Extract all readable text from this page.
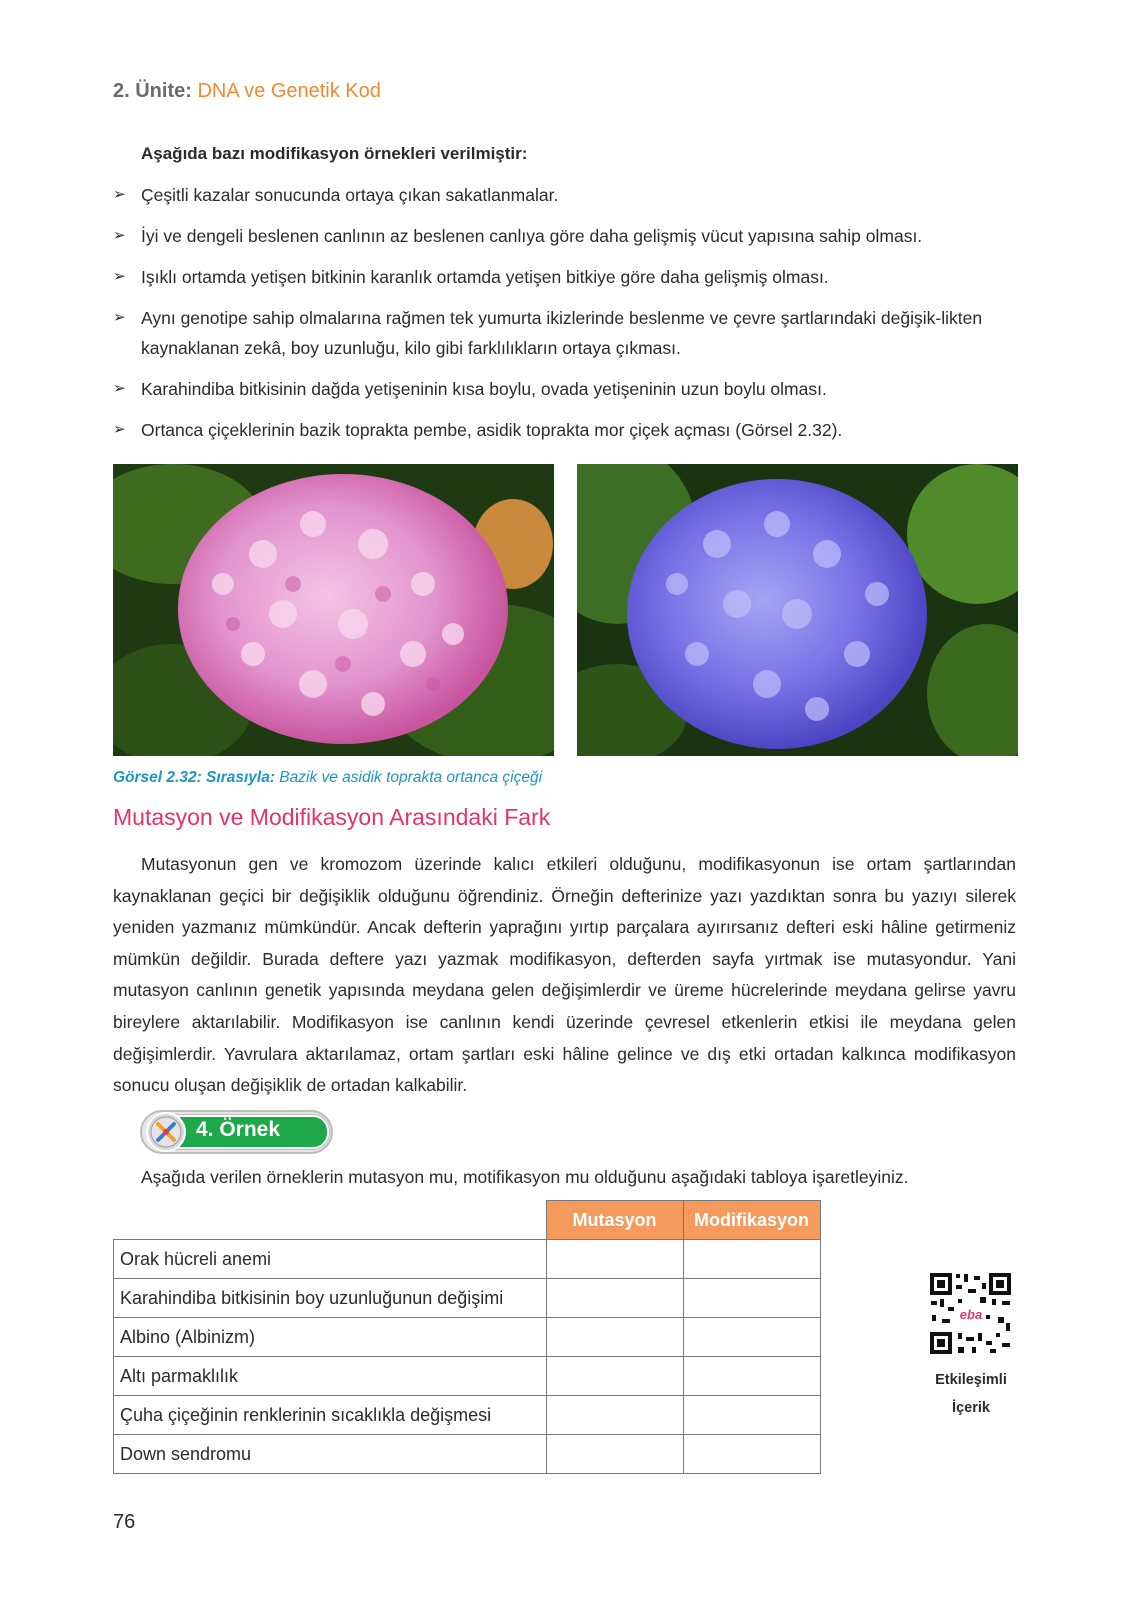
2. Ünite: DNA ve Genetik Kod
Aşağıda bazı modifikasyon örnekleri verilmiştir:
➢ Çeşitli kazalar sonucunda ortaya çıkan sakatlanmalar.
➢ İyi ve dengeli beslenen canlının az beslenen canlıya göre daha gelişmiş vücut yapısına sahip olması.
➢ Işıklı ortamda yetişen bitkinin karanlık ortamda yetişen bitkiye göre daha gelişmiş olması.
➢ Aynı genotipe sahip olmalarına rağmen tek yumurta ikizlerinde beslenme ve çevre şartlarındaki değişik-likten kaynaklanan zekâ, boy uzunluğu, kilo gibi farklılıkların ortaya çıkması.
➢ Karahindiba bitkisinin dağda yetişeninin kısa boylu, ovada yetişeninin uzun boylu olması.
➢ Ortanca çiçeklerinin bazik toprakta pembe, asidik toprakta mor çiçek açması (Görsel 2.32).
Görsel 2.32: Sırasıyla: Bazik ve asidik toprakta ortanca çiçeği
Mutasyon ve Modifikasyon Arasındaki Fark

Mutasyonun gen ve kromozom üzerinde kalıcı etkileri olduğunu, modifikasyonun ise ortam şartlarından kaynaklanan geçici bir değişiklik olduğunu öğrendiniz. Örneğin defterinize yazı yazdıktan sonra bu yazıyı silerek yeniden yazmanız mümkündür. Ancak defterin yaprağını yırtıp parçalara ayırırsanız defteri eski hâline getirmeniz mümkün değildir. Burada deftere yazı yazmak modifikasyon, defterden sayfa yırtmak ise mutasyondur. Yani mutasyon canlının genetik yapısında meydana gelen değişimlerdir ve üreme hücrelerinde meydana gelirse yavru bireylere aktarılabilir. Modifikasyon ise canlının kendi üzerinde çevresel etkenlerin etkisi ile meydana gelen değişimlerdir. Yavrulara aktarılamaz, ortam şartları eski hâline gelince ve dış etki ortadan kalkınca modifikasyon sonucu oluşan değişiklik de ortadan kalkabilir.

4. Örnek
Aşağıda verilen örneklerin mutasyon mu, motifikasyon mu olduğunu aşağıdaki tabloya işaretleyiniz.
	Mutasyon	Modifikasyon
Orak hücreli anemi		
Karahindiba bitkisinin boy uzunluğunun değişimi		
Albino (Albinizm)		
Altı parmaklılık		
Çuha çiçeğinin renklerinin sıcaklıkla değişmesi		
Down sendromu		
eba
Etkileşimli
İçerik
76
